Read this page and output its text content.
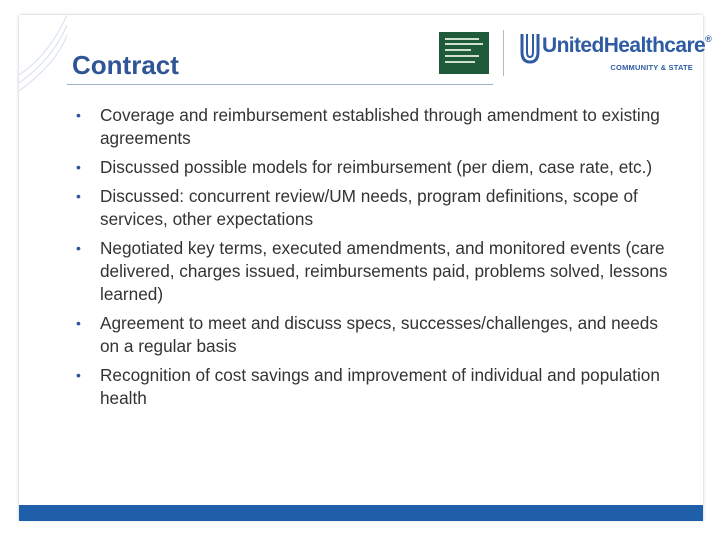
Contract
UnitedHealthcare®
COMMUNITY & STATE
• Coverage and reimbursement established through amendment to existing agreements
• Discussed possible models for reimbursement (per diem, case rate, etc.)
• Discussed: concurrent review/UM needs, program definitions, scope of services, other expectations
• Negotiated key terms, executed amendments, and monitored events (care delivered, charges issued, reimbursements paid, problems solved, lessons learned)
• Agreement to meet and discuss specs, successes/challenges, and needs on a regular basis
• Recognition of cost savings and improvement of individual and population health
